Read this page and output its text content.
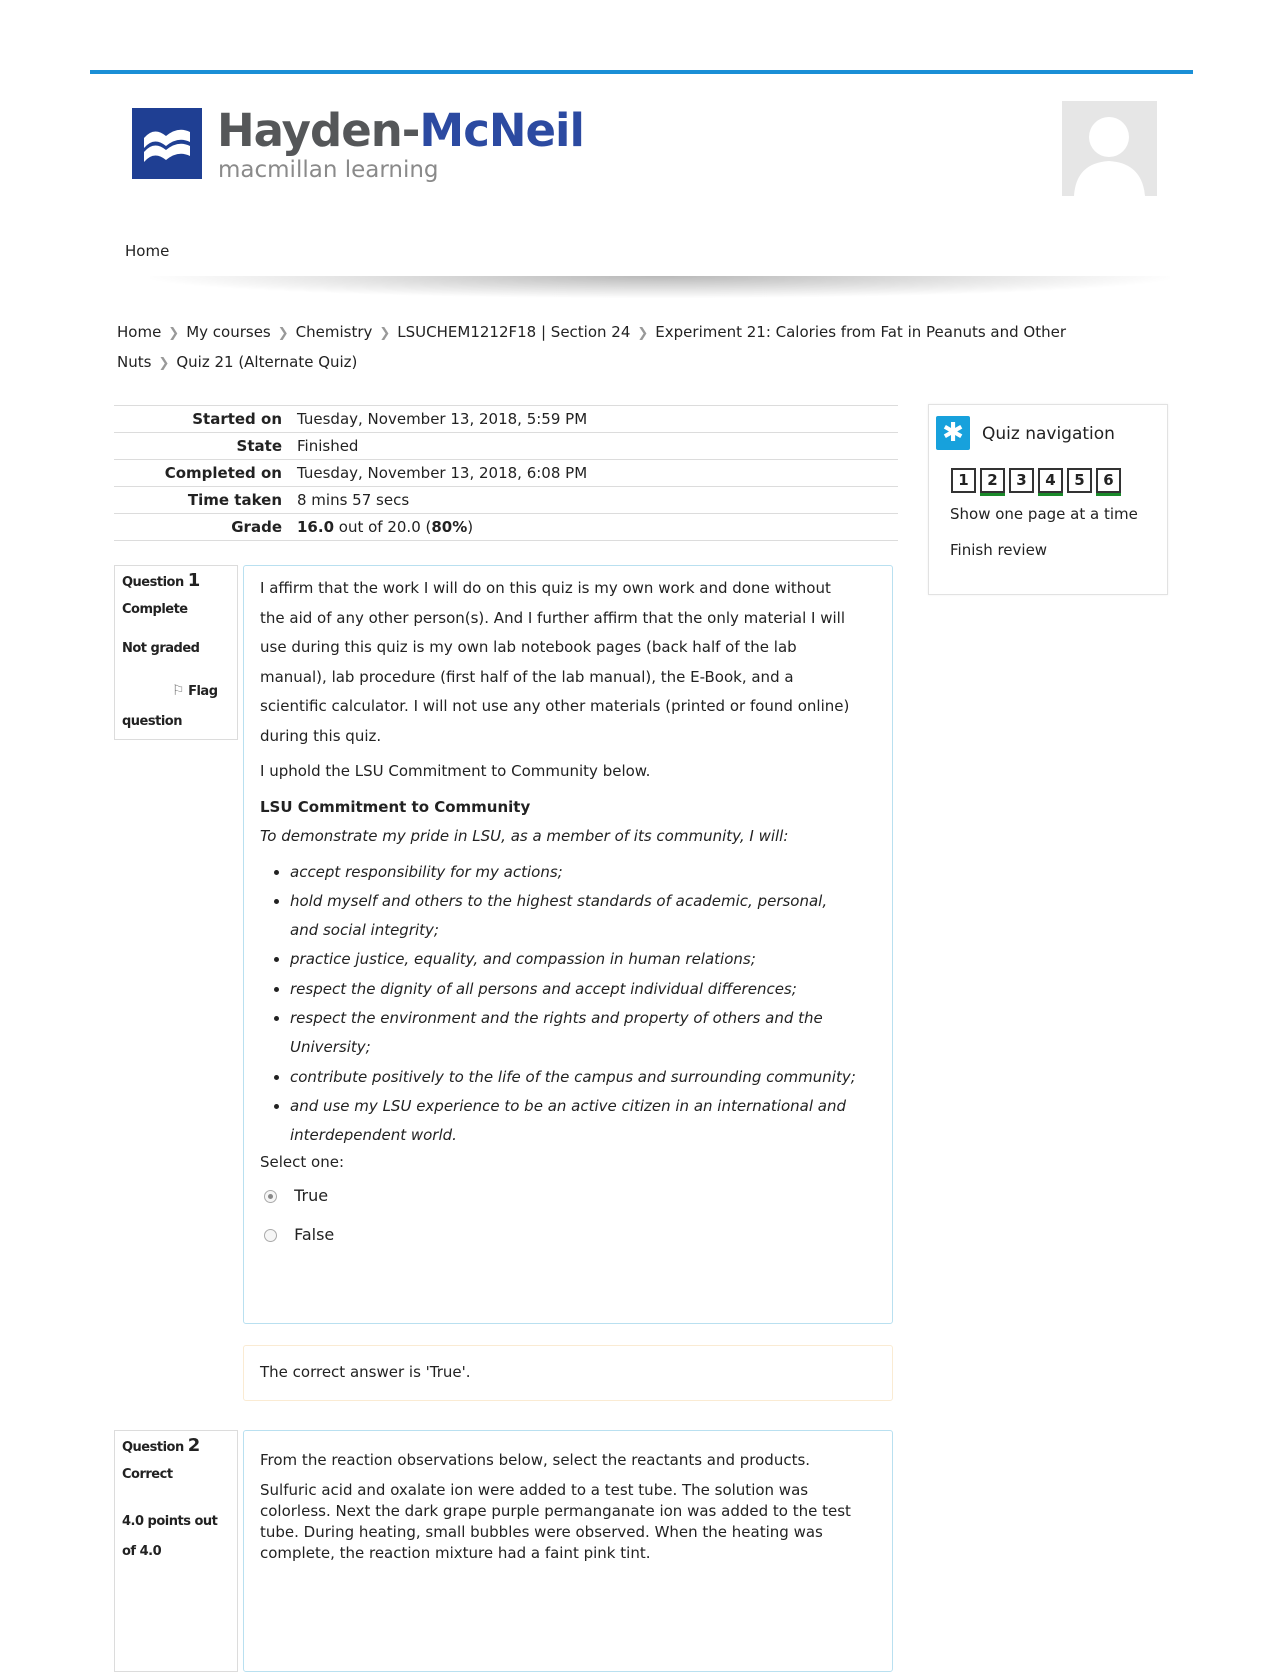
Hayden-McNeil
macmillan learning
Home
Home ❯ My courses ❯ Chemistry ❯ LSUCHEM1212F18 | Section 24 ❯ Experiment 21: Calories from Fat in Peanuts and Other Nuts ❯ Quiz 21 (Alternate Quiz)
Started on	Tuesday, November 13, 2018, 5:59 PM
State	Finished
Completed on	Tuesday, November 13, 2018, 6:08 PM
Time taken	8 mins 57 secs
Grade	16.0 out of 20.0 (80%)
✱	Quiz navigation
1 2 3 4 5 6
Show one page at a time
Finish review
Question 1
Complete
Not graded
⚐ Flag question

I affirm that the work I will do on this quiz is my own work and done without the aid of any other person(s). And I further affirm that the only material I will use during this quiz is my own lab notebook pages (back half of the lab manual), lab procedure (first half of the lab manual), the E-Book, and a scientific calculator. I will not use any other materials (printed or found online) during this quiz.

I uphold the LSU Commitment to Community below.

LSU Commitment to Community

To demonstrate my pride in LSU, as a member of its community, I will:

• accept responsibility for my actions;
• hold myself and others to the highest standards of academic, personal, and social integrity;
• practice justice, equality, and compassion in human relations;
• respect the dignity of all persons and accept individual differences;
• respect the environment and the rights and property of others and the University;
• contribute positively to the life of the campus and surrounding community;
• and use my LSU experience to be an active citizen in an international and interdependent world.
Select one:
True
False
The correct answer is 'True'.
Question 2
Correct
4.0 points out of 4.0

From the reaction observations below, select the reactants and products.

Sulfuric acid and oxalate ion were added to a test tube. The solution was colorless. Next the dark grape purple permanganate ion was added to the test tube. During heating, small bubbles were observed. When the heating was complete, the reaction mixture had a faint pink tint.
